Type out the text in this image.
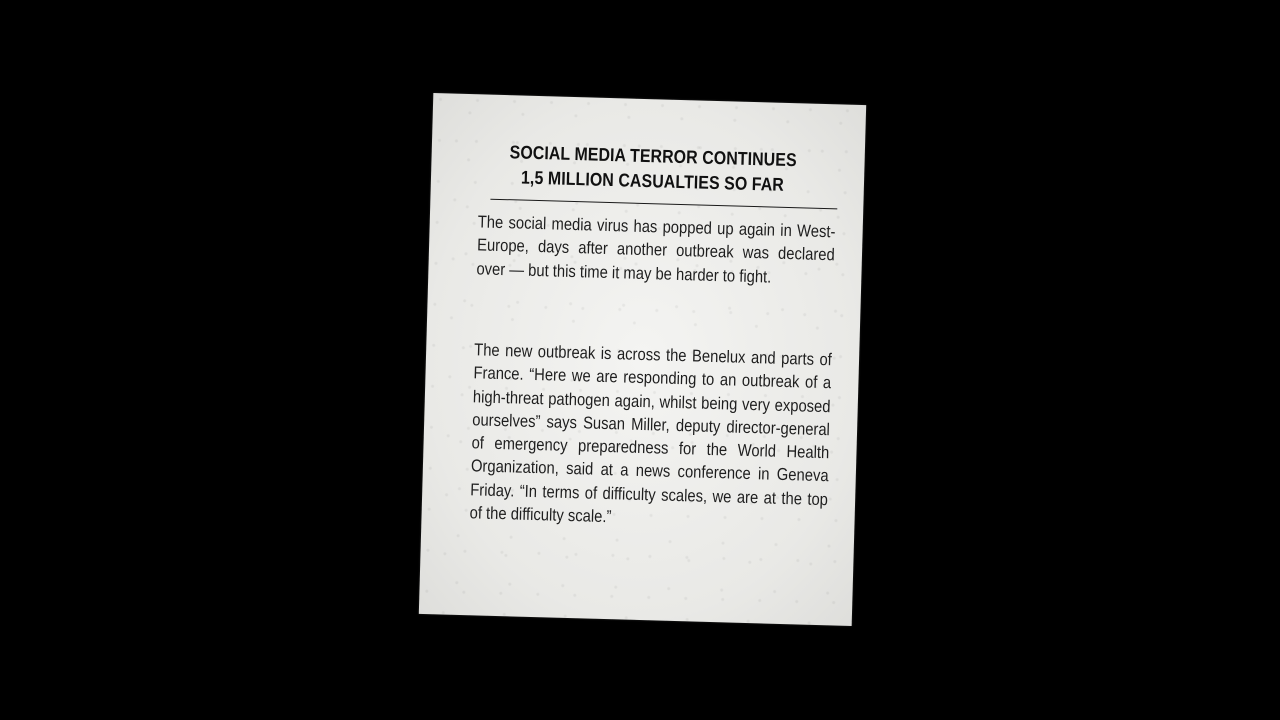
SOCIAL MEDIA TERROR CONTINUES
1,5 MILLION CASUALTIES SO FAR

The social media virus has popped up again in West-Europe, days after another outbreak was declared over — but this time it may be harder to fight.

The new outbreak is across the Benelux and parts of France. “Here we are responding to an outbreak of a high-threat pathogen again, whilst being very exposed ourselves” says Susan Miller, deputy director-general of emergency preparedness for the World Health Organization, said at a news conference in Geneva Friday. “In terms of difficulty scales, we are at the top of the difficulty scale.”
